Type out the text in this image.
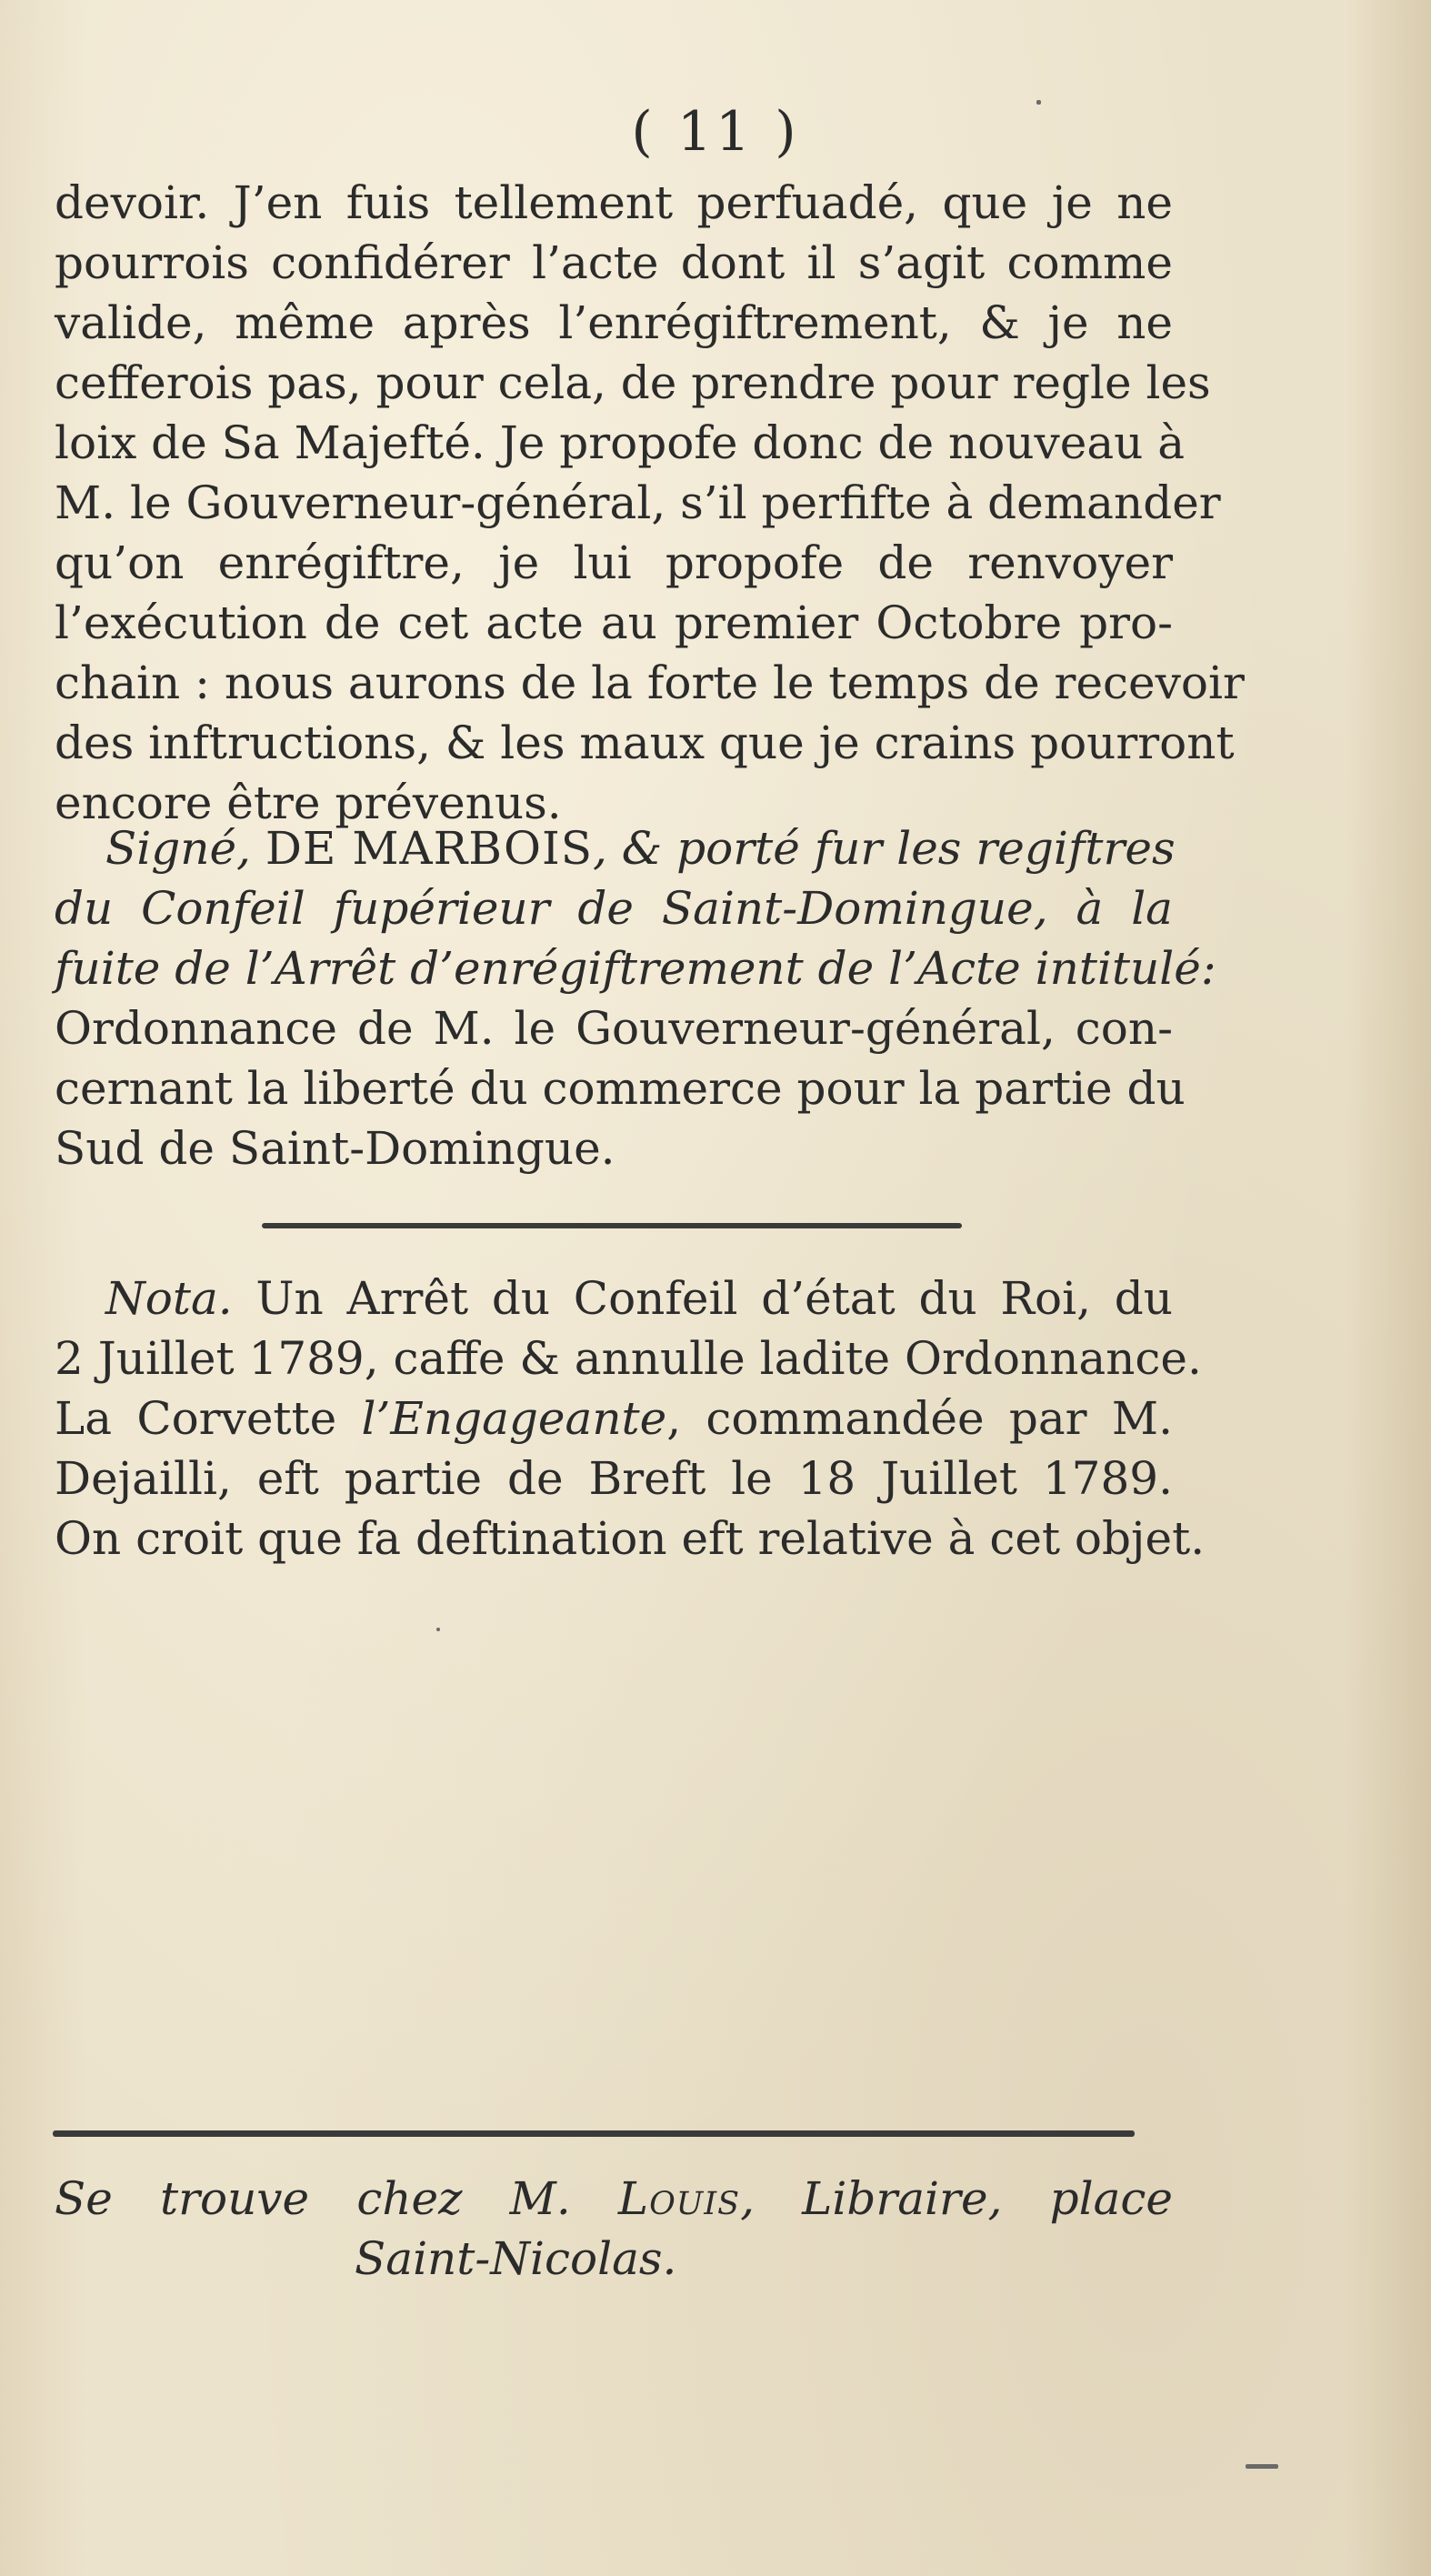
( 11 )
devoir. J’en fuis tellement perfuadé, que je ne
pourrois confidérer l’acte dont il s’agit comme
valide, même après l’enrégiftrement, & je ne
cefferois pas, pour cela, de prendre pour regle les
loix de Sa Majefté. Je propofe donc de nouveau à
M. le Gouverneur-général, s’il perfifte à demander
qu’on enrégiftre, je lui propofe de renvoyer
l’exécution de cet acte au premier Octobre pro-
chain : nous aurons de la forte le temps de recevoir
des inftructions, & les maux que je crains pourront
encore être prévenus.
Signé, DE MARBOIS, & porté fur les regiftres
du Confeil fupérieur de Saint-Domingue, à la
fuite de l’Arrêt d’enrégiftrement de l’Acte intitulé:
Ordonnance de M. le Gouverneur-général, con-
cernant la liberté du commerce pour la partie du
Sud de Saint-Domingue.
Nota. Un Arrêt du Confeil d’état du Roi, du
2 Juillet 1789, caffe & annulle ladite Ordonnance.
La Corvette l’Engageante, commandée par M.
Dejailli, eft partie de Breft le 18 Juillet 1789.
On croit que fa deftination eft relative à cet objet.
Se trouve chez M. Louis, Libraire, place
Saint-Nicolas.
